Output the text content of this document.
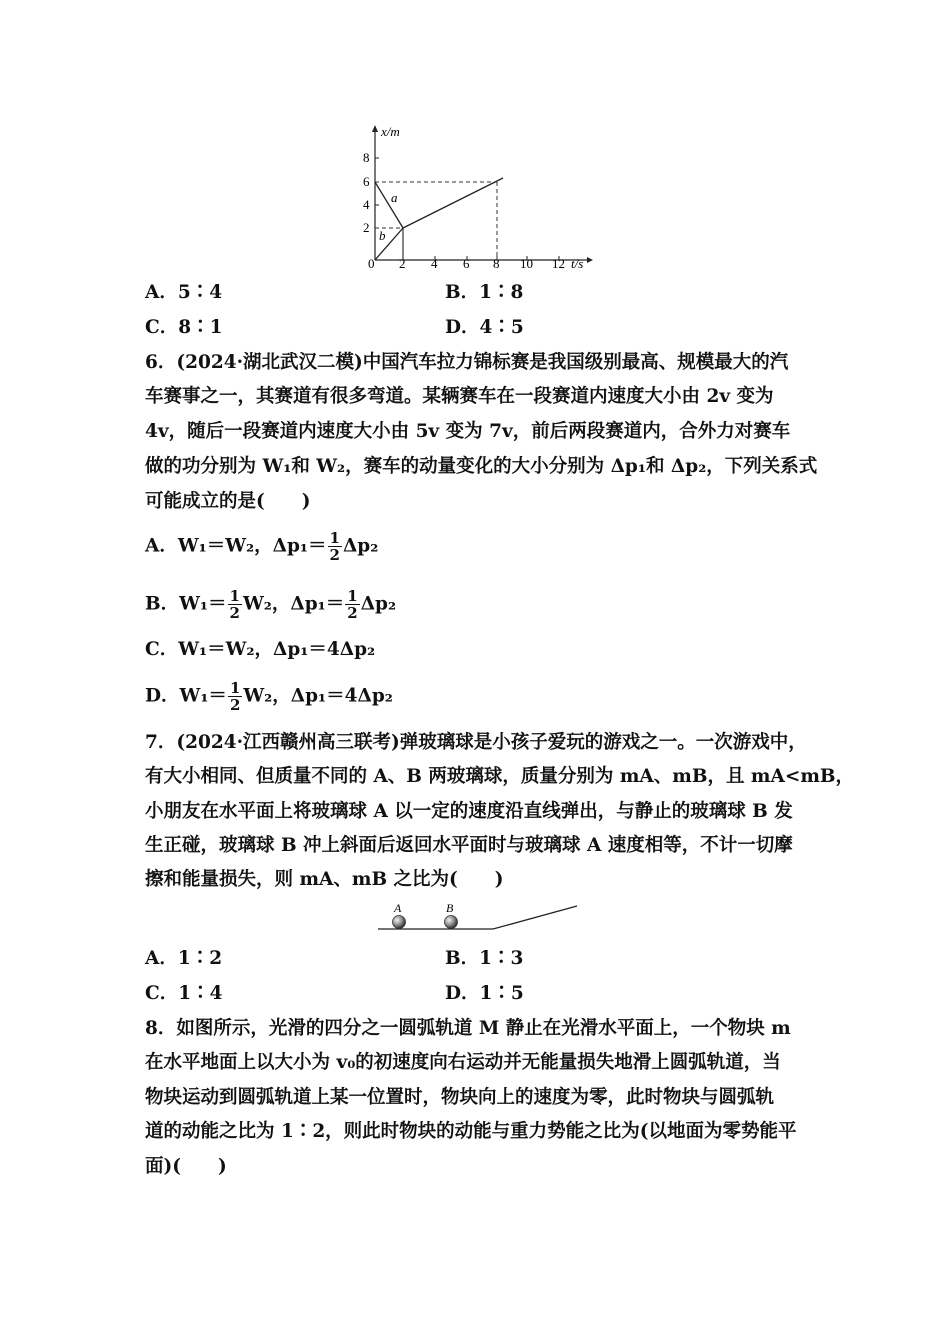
8
6
4
2
x/m
0 2 4 6 8 10 12 t/s
a
b
A．5∶4	B．1∶8
C．8∶1	D．4∶5
6．(2024·湖北武汉二模)中国汽车拉力锦标赛是我国级别最高、规模最大的汽
车赛事之一，其赛道有很多弯道。某辆赛车在一段赛道内速度大小由 2v 变为
4v，随后一段赛道内速度大小由 5v 变为 7v，前后两段赛道内，合外力对赛车
做的功分别为 W₁和 W₂，赛车的动量变化的大小分别为 Δp₁和 Δp₂，下列关系式
可能成立的是(　　)
A．W₁＝W₂，$\Delta p_1= \frac{1}{2} \Delta p_2$
B．$W_1= \frac{1}{2} W_2$，$\Delta p_1= \frac{1}{2} \Delta p_2$
C．W₁＝W₂，Δp₁＝4Δp₂
D．$W_1= \frac{1}{2} W_2$，Δp₁＝4Δp₂
7．(2024·江西赣州高三联考)弹玻璃球是小孩子爱玩的游戏之一。一次游戏中，
有大小相同、但质量不同的 A、B 两玻璃球，质量分别为 mA、mB，且 mA<mB，
小朋友在水平面上将玻璃球 A 以一定的速度沿直线弹出，与静止的玻璃球 B 发
生正碰，玻璃球 B 冲上斜面后返回水平面时与玻璃球 A 速度相等，不计一切摩
擦和能量损失，则 mA、mB 之比为(　　)
A	B
A．1∶2	B．1∶3
C．1∶4	D．1∶5
8．如图所示，光滑的四分之一圆弧轨道 M 静止在光滑水平面上，一个物块 m
在水平地面上以大小为 v₀的初速度向右运动并无能量损失地滑上圆弧轨道，当
物块运动到圆弧轨道上某一位置时，物块向上的速度为零，此时物块与圆弧轨
道的动能之比为 1∶2，则此时物块的动能与重力势能之比为(以地面为零势能平
面)(　　)
